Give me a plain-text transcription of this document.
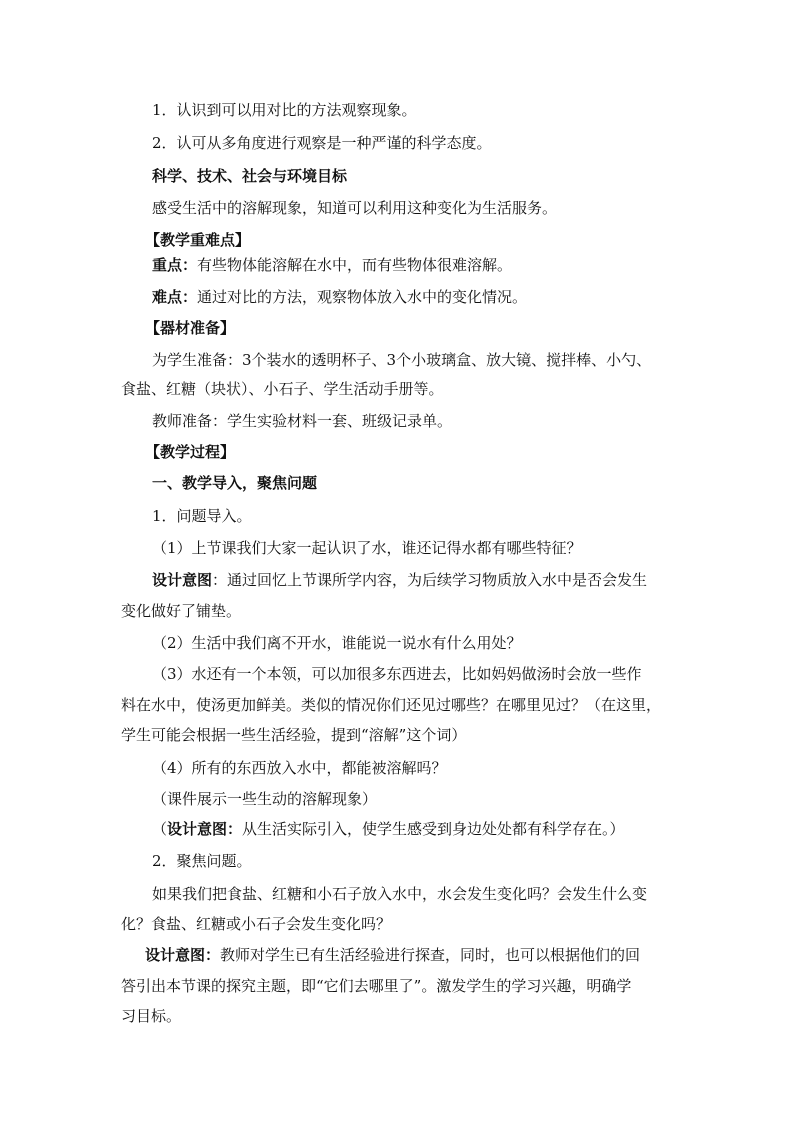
1．认识到可以用对比的方法观察现象。
2．认可从多角度进行观察是一种严谨的科学态度。
科学、技术、社会与环境目标
感受生活中的溶解现象，知道可以利用这种变化为生活服务。
【教学重难点】
重点：有些物体能溶解在水中，而有些物体很难溶解。
难点：通过对比的方法，观察物体放入水中的变化情况。
【器材准备】
为学生准备：3个装水的透明杯子、3个小玻璃盒、放大镜、搅拌棒、小勺、
食盐、红糖（块状）、小石子、学生活动手册等。
教师准备：学生实验材料一套、班级记录单。
【教学过程】
一、教学导入，聚焦问题
1．问题导入。
（1）上节课我们大家一起认识了水，谁还记得水都有哪些特征？
设计意图：通过回忆上节课所学内容，为后续学习物质放入水中是否会发生
变化做好了铺垫。
（2）生活中我们离不开水，谁能说一说水有什么用处？
（3）水还有一个本领，可以加很多东西进去，比如妈妈做汤时会放一些作
料在水中，使汤更加鲜美。类似的情况你们还见过哪些？在哪里见过？（在这里，
学生可能会根据一些生活经验，提到“溶解”这个词）
（4）所有的东西放入水中，都能被溶解吗？
（课件展示一些生动的溶解现象）
（设计意图：从生活实际引入，使学生感受到身边处处都有科学存在。）
2．聚焦问题。
如果我们把食盐、红糖和小石子放入水中，水会发生变化吗？会发生什么变
化？食盐、红糖或小石子会发生变化吗？
设计意图：教师对学生已有生活经验进行探查，同时，也可以根据他们的回
答引出本节课的探究主题，即“它们去哪里了”。激发学生的学习兴趣，明确学
习目标。
